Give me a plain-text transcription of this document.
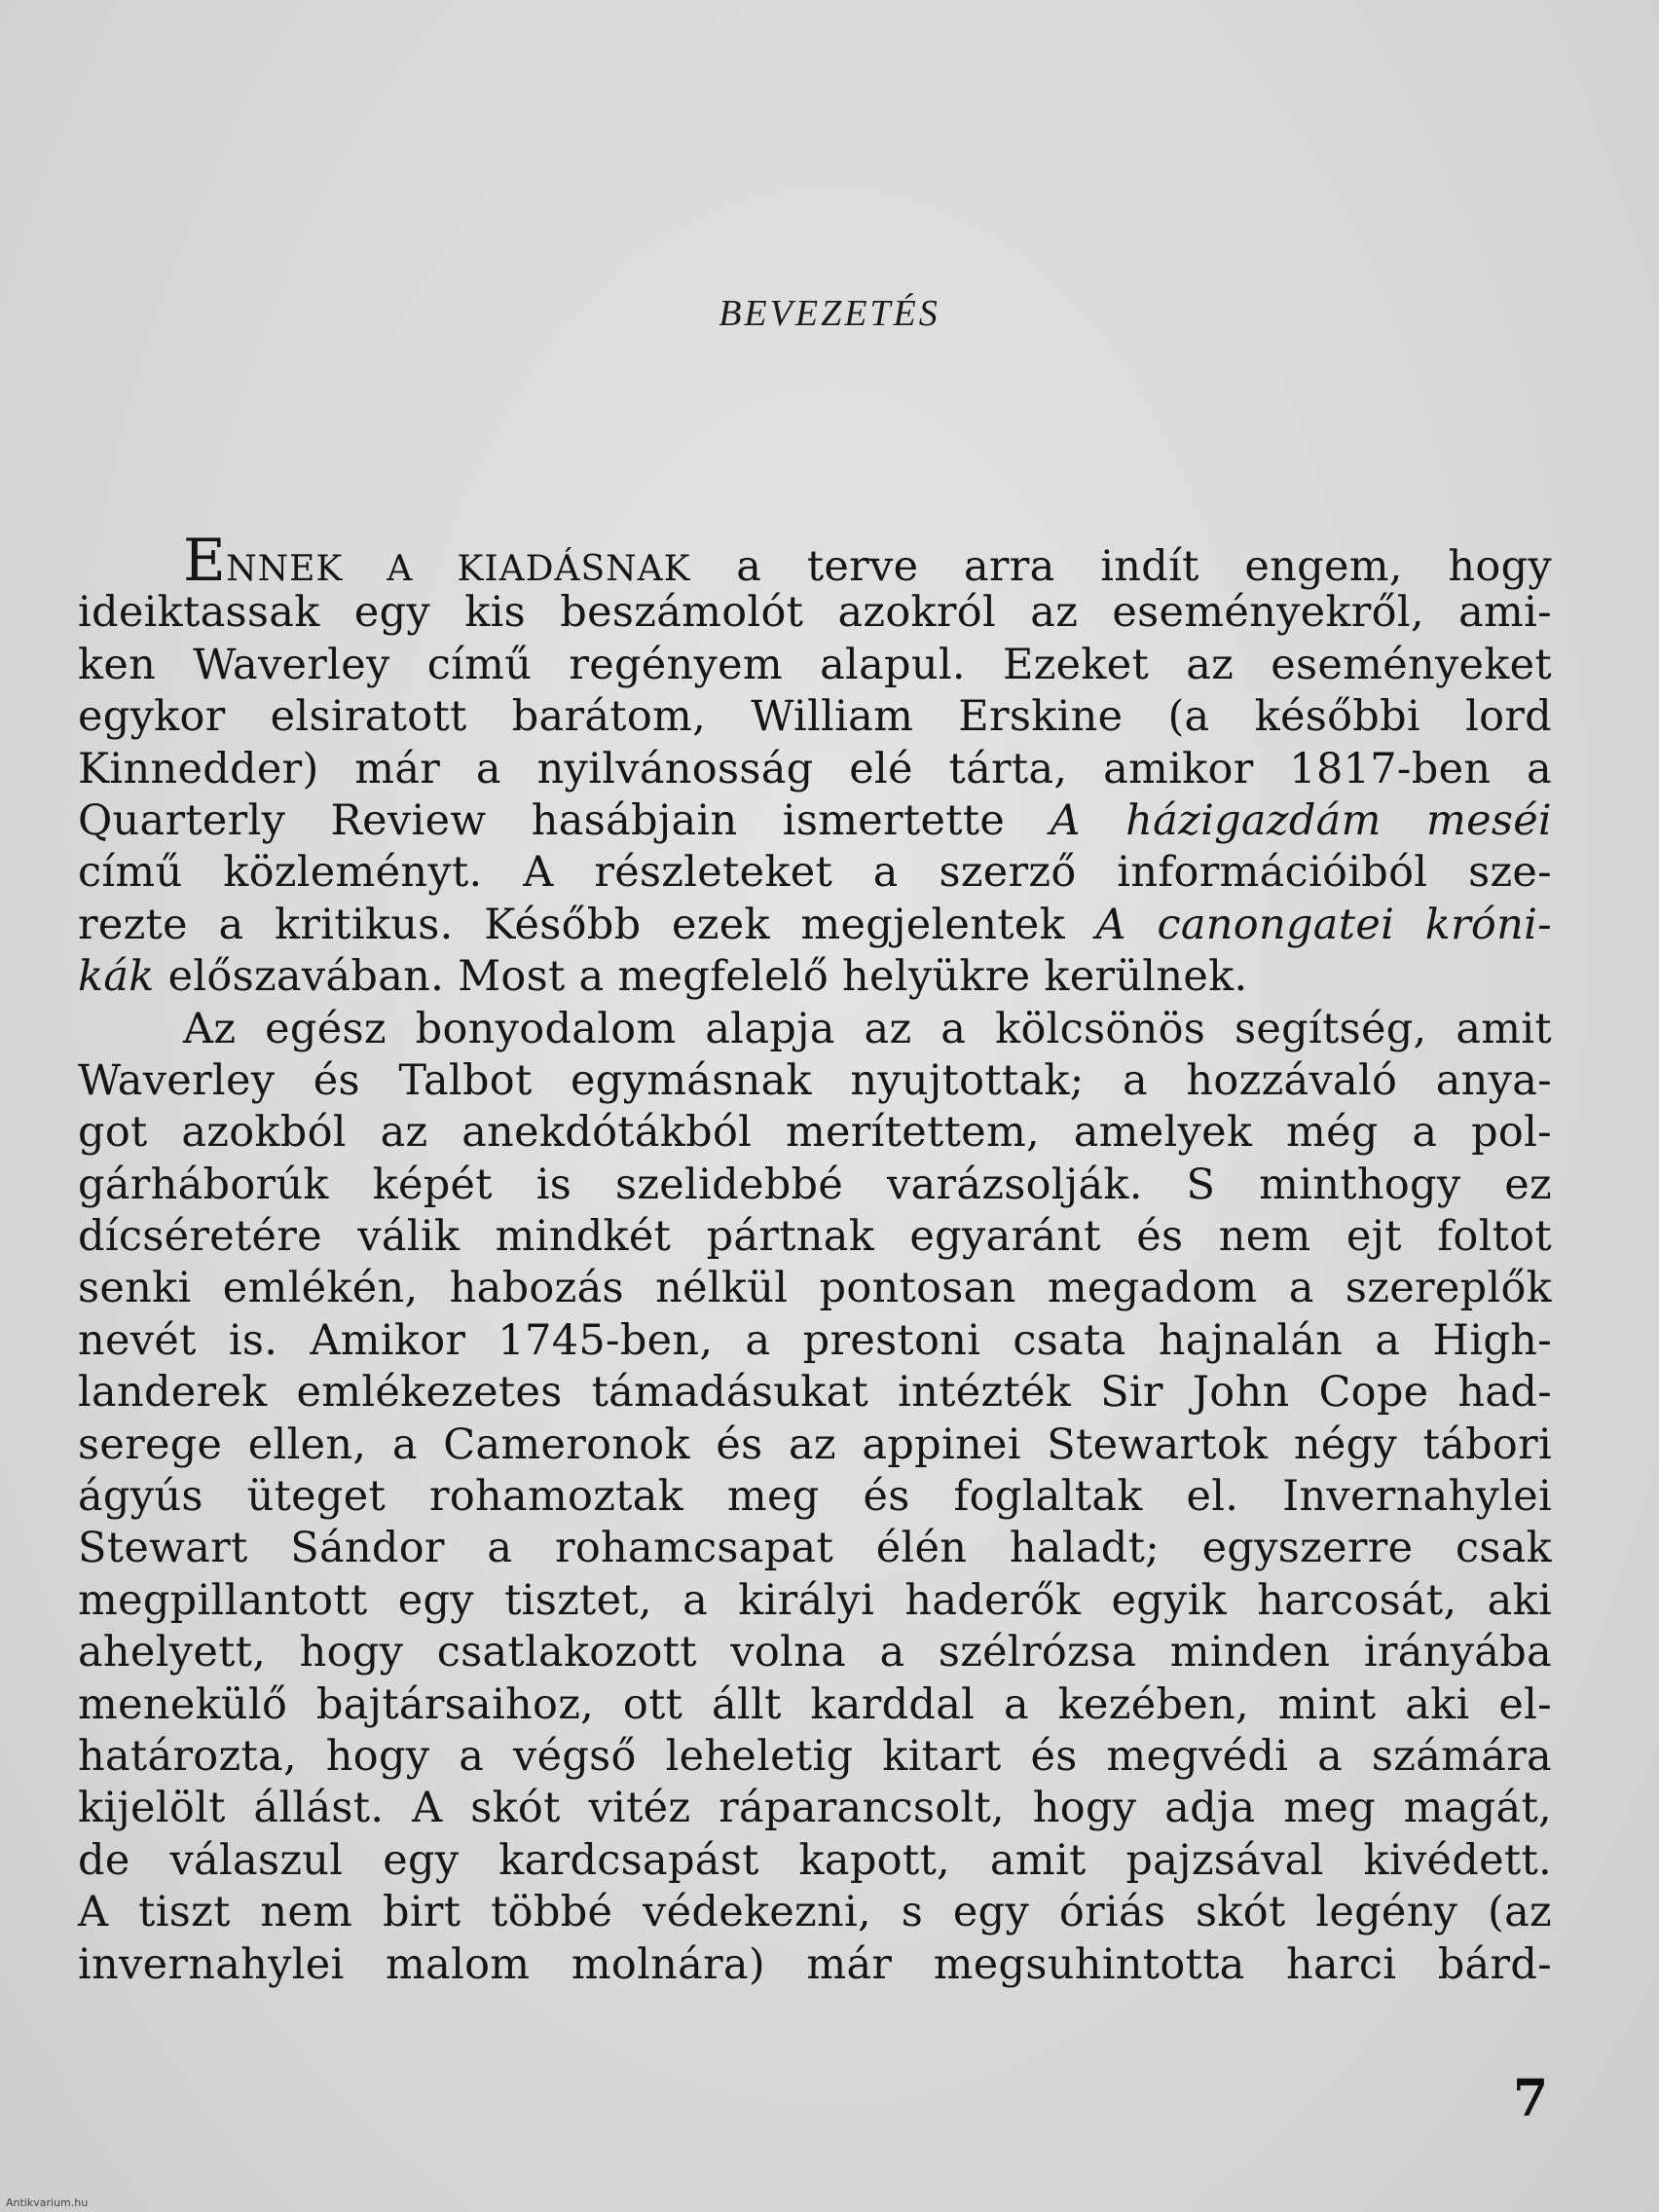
BEVEZETÉS
ENNEK A KIADÁSNAK a terve arra indít engem, hogy
ideiktassak egy kis beszámolót azokról az eseményekről, ami-
ken Waverley című regényem alapul. Ezeket az eseményeket
egykor elsiratott barátom, William Erskine (a későbbi lord
Kinnedder) már a nyilvánosság elé tárta, amikor 1817-ben a
Quarterly Review hasábjain ismertette A házigazdám meséi
című közleményt. A részleteket a szerző információiból sze-
rezte a kritikus. Később ezek megjelentek A canongatei króni-
kák előszavában. Most a megfelelő helyükre kerülnek.
Az egész bonyodalom alapja az a kölcsönös segítség, amit
Waverley és Talbot egymásnak nyujtottak; a hozzávaló anya-
got azokból az anekdótákból merítettem, amelyek még a pol-
gárháborúk képét is szelidebbé varázsolják. S minthogy ez
dícséretére válik mindkét pártnak egyaránt és nem ejt foltot
senki emlékén, habozás nélkül pontosan megadom a szereplők
nevét is. Amikor 1745-ben, a prestoni csata hajnalán a High-
landerek emlékezetes támadásukat intézték Sir John Cope had-
serege ellen, a Cameronok és az appinei Stewartok négy tábori
ágyús üteget rohamoztak meg és foglaltak el. Invernahylei
Stewart Sándor a rohamcsapat élén haladt; egyszerre csak
megpillantott egy tisztet, a királyi haderők egyik harcosát, aki
ahelyett, hogy csatlakozott volna a szélrózsa minden irányába
menekülő bajtársaihoz, ott állt karddal a kezében, mint aki el-
határozta, hogy a végső leheletig kitart és megvédi a számára
kijelölt állást. A skót vitéz ráparancsolt, hogy adja meg magát,
de válaszul egy kardcsapást kapott, amit pajzsával kivédett.
A tiszt nem birt többé védekezni, s egy óriás skót legény (az
invernahylei malom molnára) már megsuhintotta harci bárd-
7
Antikvarium.hu
